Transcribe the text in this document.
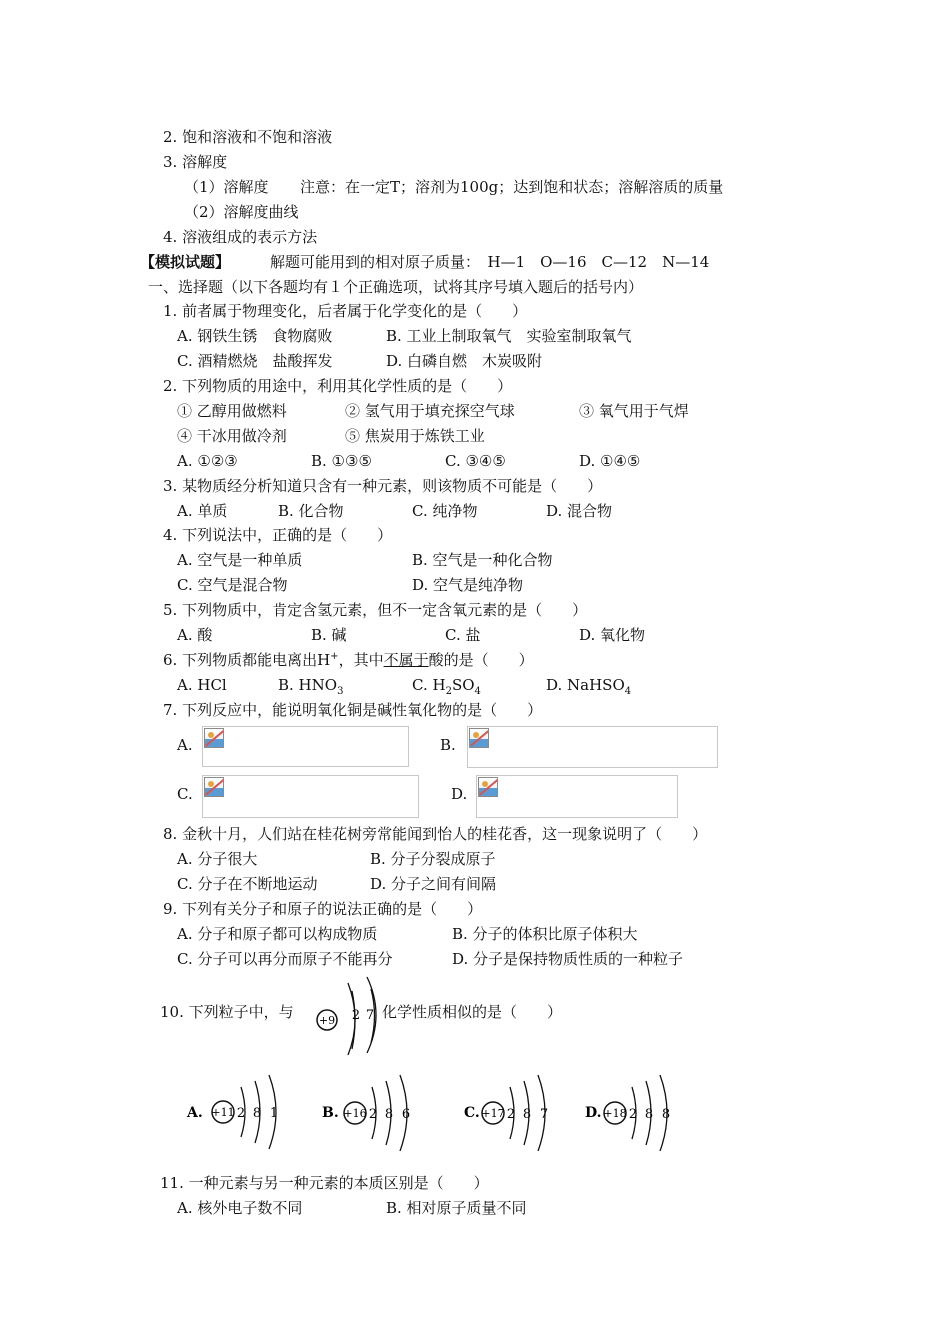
2. 饱和溶液和不饱和溶液
3. 溶解度
（1）溶解度 注意：在一定T；溶剂为100g；达到饱和状态；溶解溶质的质量
（2）溶解度曲线
4. 溶液组成的表示方法
【模拟试题】	解题可能用到的相对原子质量：　H—1　O—16　C—12　N—14
一、选择题（以下各题均有１个正确选项，试将其序号填入题后的括号内）
1. 前者属于物理变化，后者属于化学变化的是（　　）
A. 钢铁生锈　食物腐败	B. 工业上制取氧气　实验室制取氧气
C. 酒精燃烧　盐酸挥发	D. 白磷自燃　木炭吸附
2. 下列物质的用途中，利用其化学性质的是（　　）
① 乙醇用做燃料	② 氢气用于填充探空气球	③ 氧气用于气焊
④ 干冰用做冷剂	⑤ 焦炭用于炼铁工业
A. ①②③	B. ①③⑤	C. ③④⑤	D. ①④⑤
3. 某物质经分析知道只含有一种元素，则该物质不可能是（　　）
A. 单质	B. 化合物	C. 纯净物	D. 混合物
4. 下列说法中，正确的是（　　）
A. 空气是一种单质	B. 空气是一种化合物
C. 空气是混合物	D. 空气是纯净物
5. 下列物质中，肯定含氢元素，但不一定含氧元素的是（　　）
A. 酸	B. 碱	C. 盐	D. 氧化物
6. 下列物质都能电离出H+，其中不属于酸的是（　　）
A. HCl	B. $HNO_3$	C. $H_2SO_4$	D. NaHSO$_4$
7. 下列反应中，能说明氧化铜是碱性氧化物的是（　　）
A.	B.
C.	D.
8. 金秋十月，人们站在桂花树旁常能闻到怡人的桂花香，这一现象说明了（　　）
A. 分子很大	B. 分子分裂成原子
C. 分子在不断地运动	D. 分子之间有间隔
9. 下列有关分子和原子的说法正确的是（　　）
A. 分子和原子都可以构成物质	B. 分子的体积比原子体积大
C. 分子可以再分而原子不能再分	D. 分子是保持物质性质的一种粒子
10. 下列粒子中，与 +9 2 7 化学性质相似的是（　　）
A. +11 2 8 1	B. +16 2 8 6	C. +17 2 8 7	D. +18 2 8 8
11. 一种元素与另一种元素的本质区别是（　　）
A. 核外电子数不同	B. 相对原子质量不同
